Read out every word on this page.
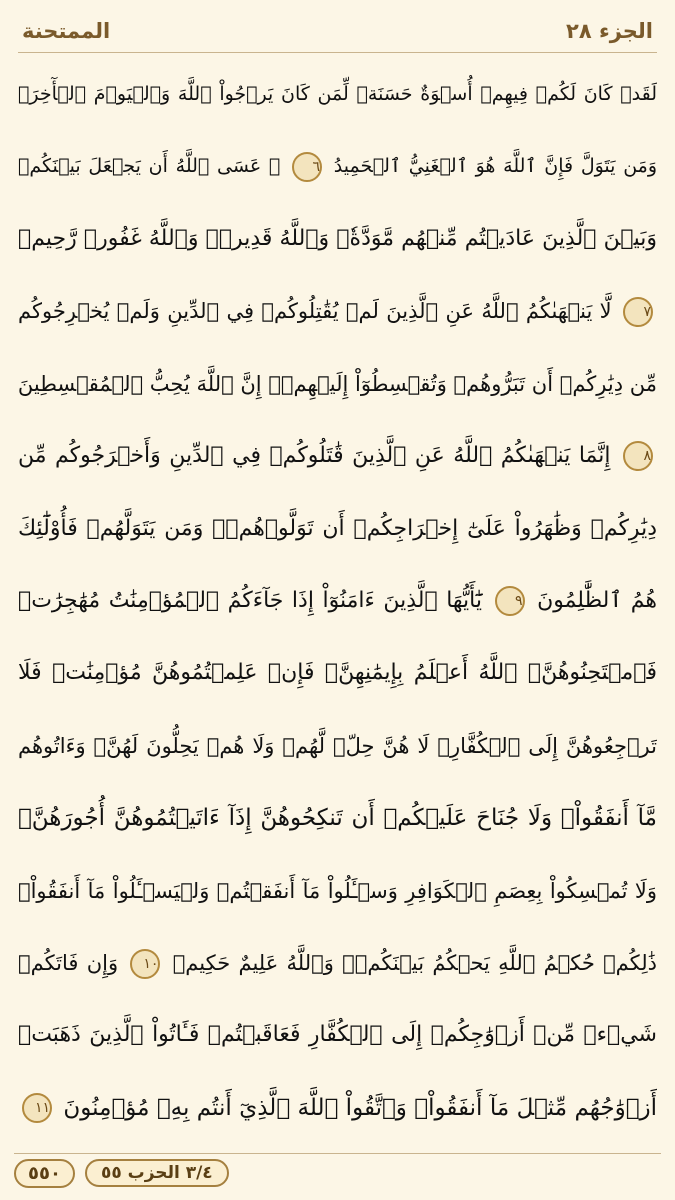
الجزء ٢٨
الممتحنة
لَقَدۡ كَانَ لَكُمۡ فِيهِمۡ أُسۡوَةٌ حَسَنَةٞ لِّمَن كَانَ يَرۡجُواْ ٱللَّهَ وَٱلۡيَوۡمَ ٱلۡأٓخِرَۚ
وَمَن يَتَوَلَّ فَإِنَّ ٱللَّهَ هُوَ ٱلۡغَنِيُّ ٱلۡحَمِيدُ ٦ ۞ عَسَى ٱللَّهُ أَن يَجۡعَلَ بَيۡنَكُمۡ
وَبَيۡنَ ٱلَّذِينَ عَادَيۡتُم مِّنۡهُم مَّوَدَّةٗۚ وَٱللَّهُ قَدِيرٞۚ وَٱللَّهُ غَفُورٞ رَّحِيمٞ
٧ لَّا يَنۡهَىٰكُمُ ٱللَّهُ عَنِ ٱلَّذِينَ لَمۡ يُقَٰتِلُوكُمۡ فِي ٱلدِّينِ وَلَمۡ يُخۡرِجُوكُم
مِّن دِيَٰرِكُمۡ أَن تَبَرُّوهُمۡ وَتُقۡسِطُوٓاْ إِلَيۡهِمۡۚ إِنَّ ٱللَّهَ يُحِبُّ ٱلۡمُقۡسِطِينَ
٨ إِنَّمَا يَنۡهَىٰكُمُ ٱللَّهُ عَنِ ٱلَّذِينَ قَٰتَلُوكُمۡ فِي ٱلدِّينِ وَأَخۡرَجُوكُم مِّن
دِيَٰرِكُمۡ وَظَٰهَرُواْ عَلَىٰٓ إِخۡرَاجِكُمۡ أَن تَوَلَّوۡهُمۡۚ وَمَن يَتَوَلَّهُمۡ فَأُوْلَٰٓئِكَ
هُمُ ٱلظَّٰلِمُونَ ٩ يَٰٓأَيُّهَا ٱلَّذِينَ ءَامَنُوٓاْ إِذَا جَآءَكُمُ ٱلۡمُؤۡمِنَٰتُ مُهَٰجِرَٰتٖ
فَٱمۡتَحِنُوهُنَّۖ ٱللَّهُ أَعۡلَمُ بِإِيمَٰنِهِنَّۖ فَإِنۡ عَلِمۡتُمُوهُنَّ مُؤۡمِنَٰتٖ فَلَا
تَرۡجِعُوهُنَّ إِلَى ٱلۡكُفَّارِۖ لَا هُنَّ حِلّٞ لَّهُمۡ وَلَا هُمۡ يَحِلُّونَ لَهُنَّۖ وَءَاتُوهُم
مَّآ أَنفَقُواْۚ وَلَا جُنَاحَ عَلَيۡكُمۡ أَن تَنكِحُوهُنَّ إِذَآ ءَاتَيۡتُمُوهُنَّ أُجُورَهُنَّۚ
وَلَا تُمۡسِكُواْ بِعِصَمِ ٱلۡكَوَافِرِ وَسۡـَٔلُواْ مَآ أَنفَقۡتُمۡ وَلۡيَسۡـَٔلُواْ مَآ أَنفَقُواْۚ
ذَٰلِكُمۡ حُكۡمُ ٱللَّهِ يَحۡكُمُ بَيۡنَكُمۡۖ وَٱللَّهُ عَلِيمٌ حَكِيمٞ ١٠ وَإِن فَاتَكُمۡ
شَيۡءٞ مِّنۡ أَزۡوَٰجِكُمۡ إِلَى ٱلۡكُفَّارِ فَعَاقَبۡتُمۡ فَـَٔاتُواْ ٱلَّذِينَ ذَهَبَتۡ
أَزۡوَٰجُهُم مِّثۡلَ مَآ أَنفَقُواْۚ وَٱتَّقُواْ ٱللَّهَ ٱلَّذِيٓ أَنتُم بِهِۦ مُؤۡمِنُونَ ١١
٥٥٠	٣/٤ الحزب ٥٥
